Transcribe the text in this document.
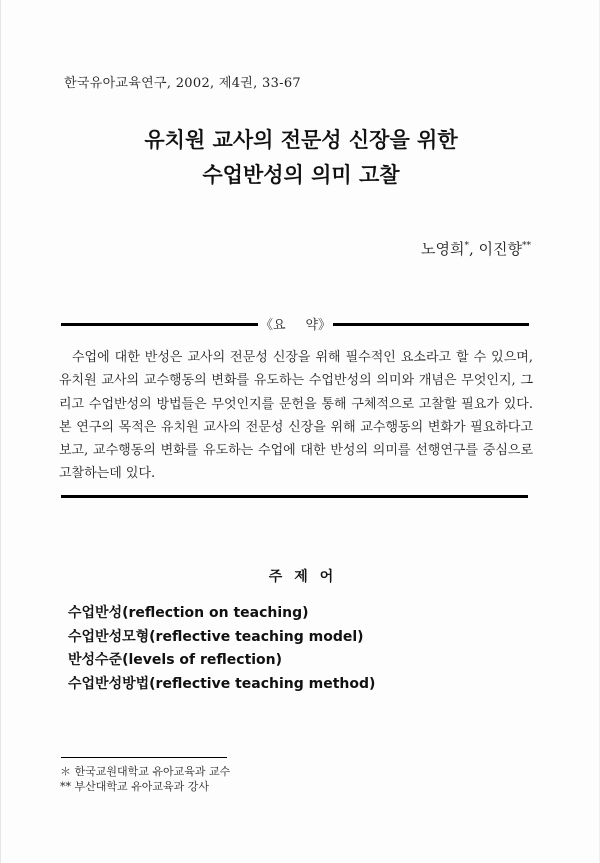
한국유아교육연구, 2002, 제4권, 33-67
유치원 교사의 전문성 신장을 위한
수업반성의 의미 고찰
노영희*, 이진향**
《요 약》

수업에 대한 반성은 교사의 전문성 신장을 위해 필수적인 요소라고 할 수 있으며, 유치원 교사의 교수행동의 변화를 유도하는 수업반성의 의미와 개념은 무엇인지, 그리고 수업반성의 방법들은 무엇인지를 문헌을 통해 구체적으로 고찰할 필요가 있다. 본 연구의 목적은 유치원 교사의 전문성 신장을 위해 교수행동의 변화가 필요하다고 보고, 교수행동의 변화를 유도하는 수업에 대한 반성의 의미를 선행연구를 중심으로 고찰하는데 있다.

주 제 어
수업반성(reflection on teaching)
수업반성모형(reflective teaching model)
반성수준(levels of reflection)
수업반성방법(reflective teaching method)
＊ 한국교원대학교 유아교육과 교수
** 부산대학교 유아교육과 강사
